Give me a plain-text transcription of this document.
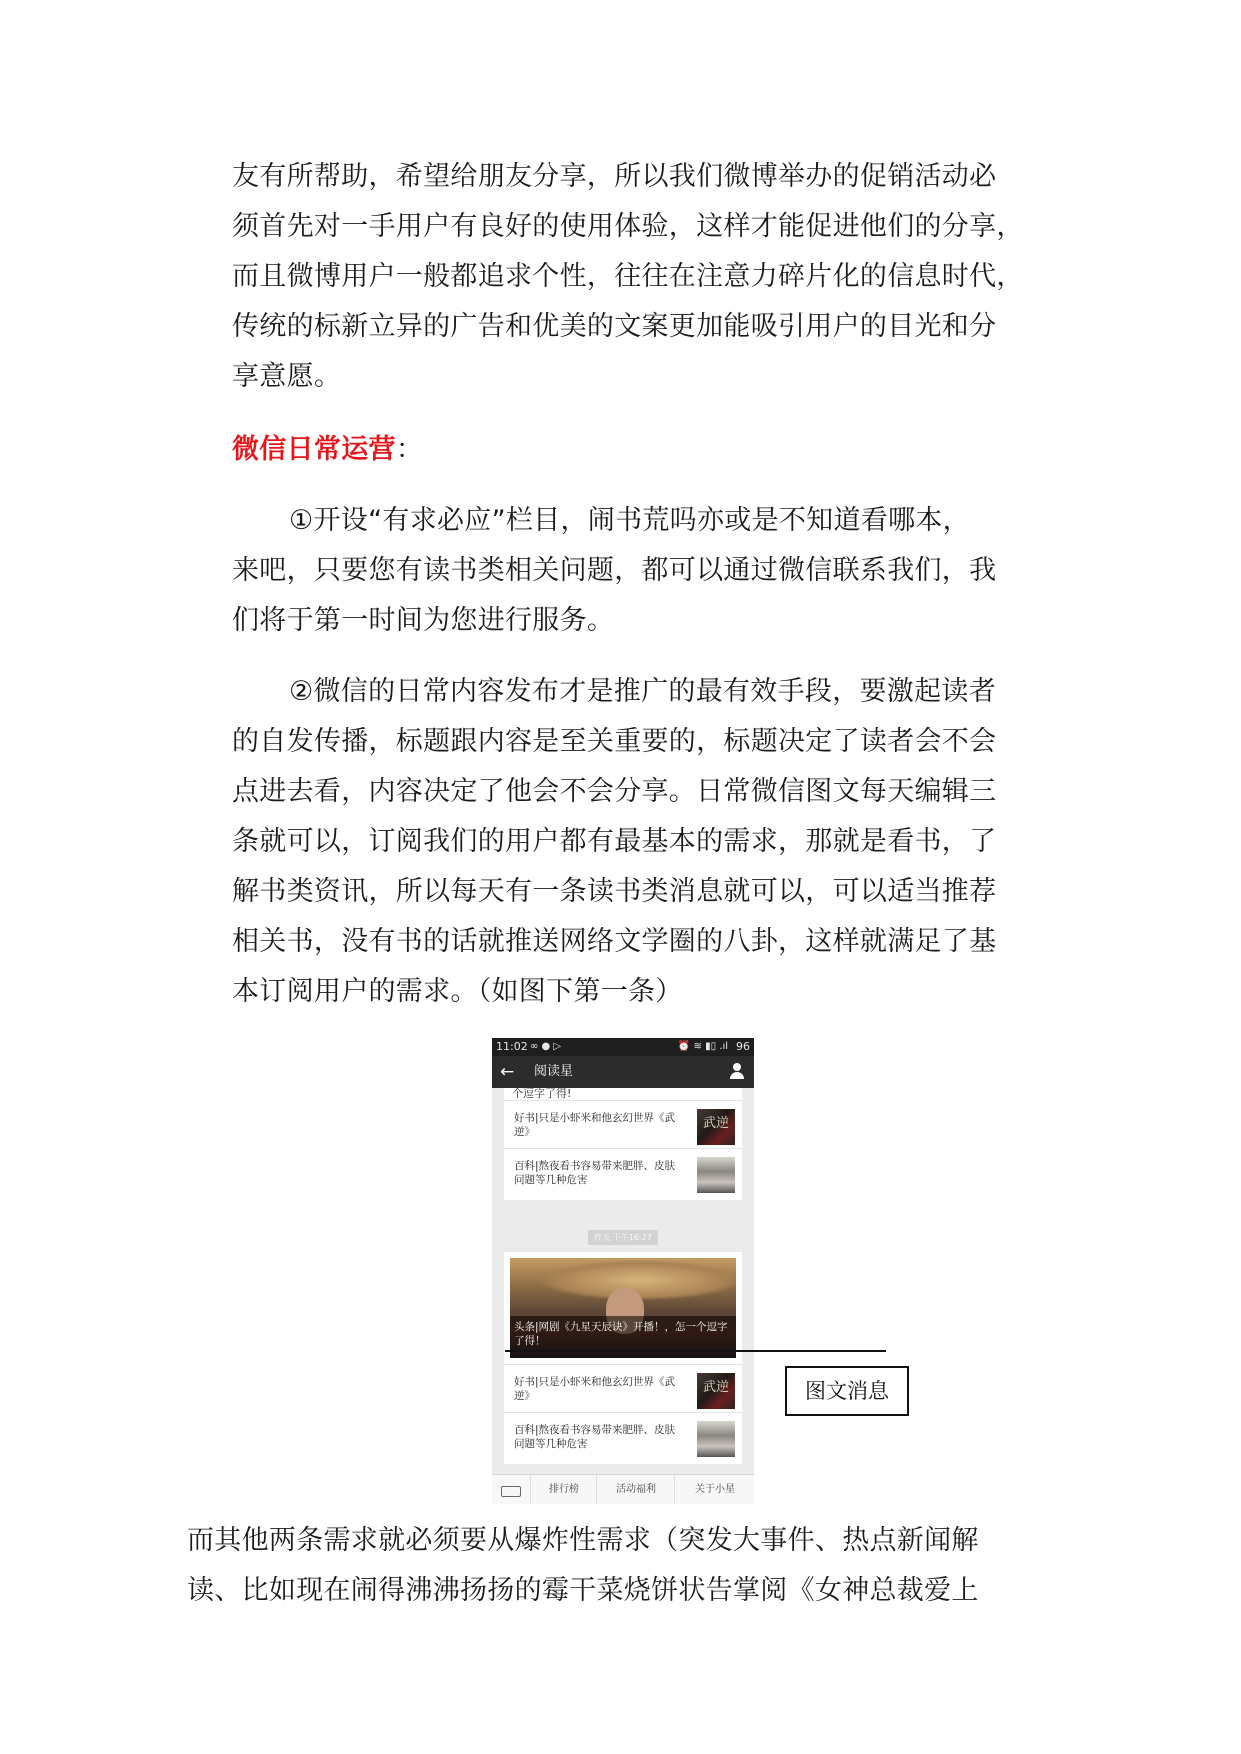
友有所帮助，希望给朋友分享，所以我们微博举办的促销活动必
须首先对一手用户有良好的使用体验，这样才能促进他们的分享，
而且微博用户一般都追求个性，往往在注意力碎片化的信息时代，
传统的标新立异的广告和优美的文案更加能吸引用户的目光和分
享意愿。
微信日常运营：
①开设“有求必应”栏目，闹书荒吗亦或是不知道看哪本，
来吧，只要您有读书类相关问题，都可以通过微信联系我们，我
们将于第一时间为您进行服务。
②微信的日常内容发布才是推广的最有效手段，要激起读者
的自发传播，标题跟内容是至关重要的，标题决定了读者会不会
点进去看，内容决定了他会不会分享。日常微信图文每天编辑三
条就可以，订阅我们的用户都有最基本的需求，那就是看书，了
解书类资讯，所以每天有一条读书类消息就可以，可以适当推荐
相关书，没有书的话就推送网络文学圈的八卦，这样就满足了基
本订阅用户的需求。（如图下第一条）
11:02 ∞ ● ▷	⏰ ≋ ▮▯ .ıl 96
← 阅读星
个逗字了得!
好书|只是小虾米和他玄幻世界《武逆》
武逆
百科|熬夜看书容易带来肥胖、皮肤问题等几种危害
昨天 下午16:27
头条|网剧《九星天辰诀》开播！，怎一个逗字了得！
好书|只是小虾米和他玄幻世界《武逆》
武逆
百科|熬夜看书容易带来肥胖、皮肤问题等几种危害
排行榜	活动福利	关于小星
图文消息
而其他两条需求就必须要从爆炸性需求（突发大事件、热点新闻解
读、比如现在闹得沸沸扬扬的霉干菜烧饼状告掌阅《女神总裁爱上
